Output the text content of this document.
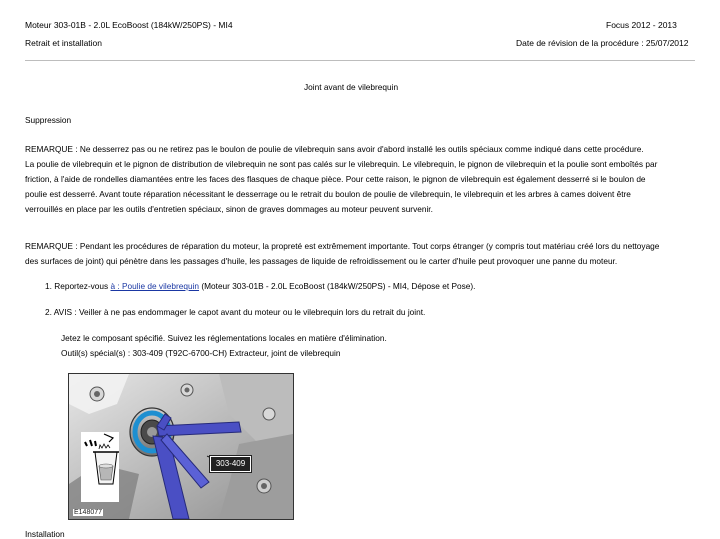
Moteur 303-01B - 2.0L EcoBoost (184kW/250PS) - MI4	Focus 2012 - 2013
Retrait et installation	Date de révision de la procédure : 25/07/2012
Joint avant de vilebrequin
Suppression
REMARQUE : Ne desserrez pas ou ne retirez pas le boulon de poulie de vilebrequin sans avoir d'abord installé les outils spéciaux comme indiqué dans cette procédure.
La poulie de vilebrequin et le pignon de distribution de vilebrequin ne sont pas calés sur le vilebrequin. Le vilebrequin, le pignon de vilebrequin et la poulie sont emboîtés par
friction, à l'aide de rondelles diamantées entre les faces des flasques de chaque pièce. Pour cette raison, le pignon de vilebrequin est également desserré si le boulon de
poulie est desserré. Avant toute réparation nécessitant le desserrage ou le retrait du boulon de poulie de vilebrequin, le vilebrequin et les arbres à cames doivent être
verrouillés en place par les outils d'entretien spéciaux, sinon de graves dommages au moteur peuvent survenir.
REMARQUE : Pendant les procédures de réparation du moteur, la propreté est extrêmement importante. Tout corps étranger (y compris tout matériau créé lors du nettoyage
des surfaces de joint) qui pénètre dans les passages d'huile, les passages de liquide de refroidissement ou le carter d'huile peut provoquer une panne du moteur.
1. Reportez-vous à : Poulie de vilebrequin (Moteur 303-01B - 2.0L EcoBoost (184kW/250PS) - MI4, Dépose et Pose).
2. AVIS : Veiller à ne pas endommager le capot avant du moteur ou le vilebrequin lors du retrait du joint.
Jetez le composant spécifié. Suivez les réglementations locales en matière d'élimination.
Outil(s) spécial(s) : 303-409 (T92C-6700-CH) Extracteur, joint de vilebrequin
303-409
E148077
Installation
